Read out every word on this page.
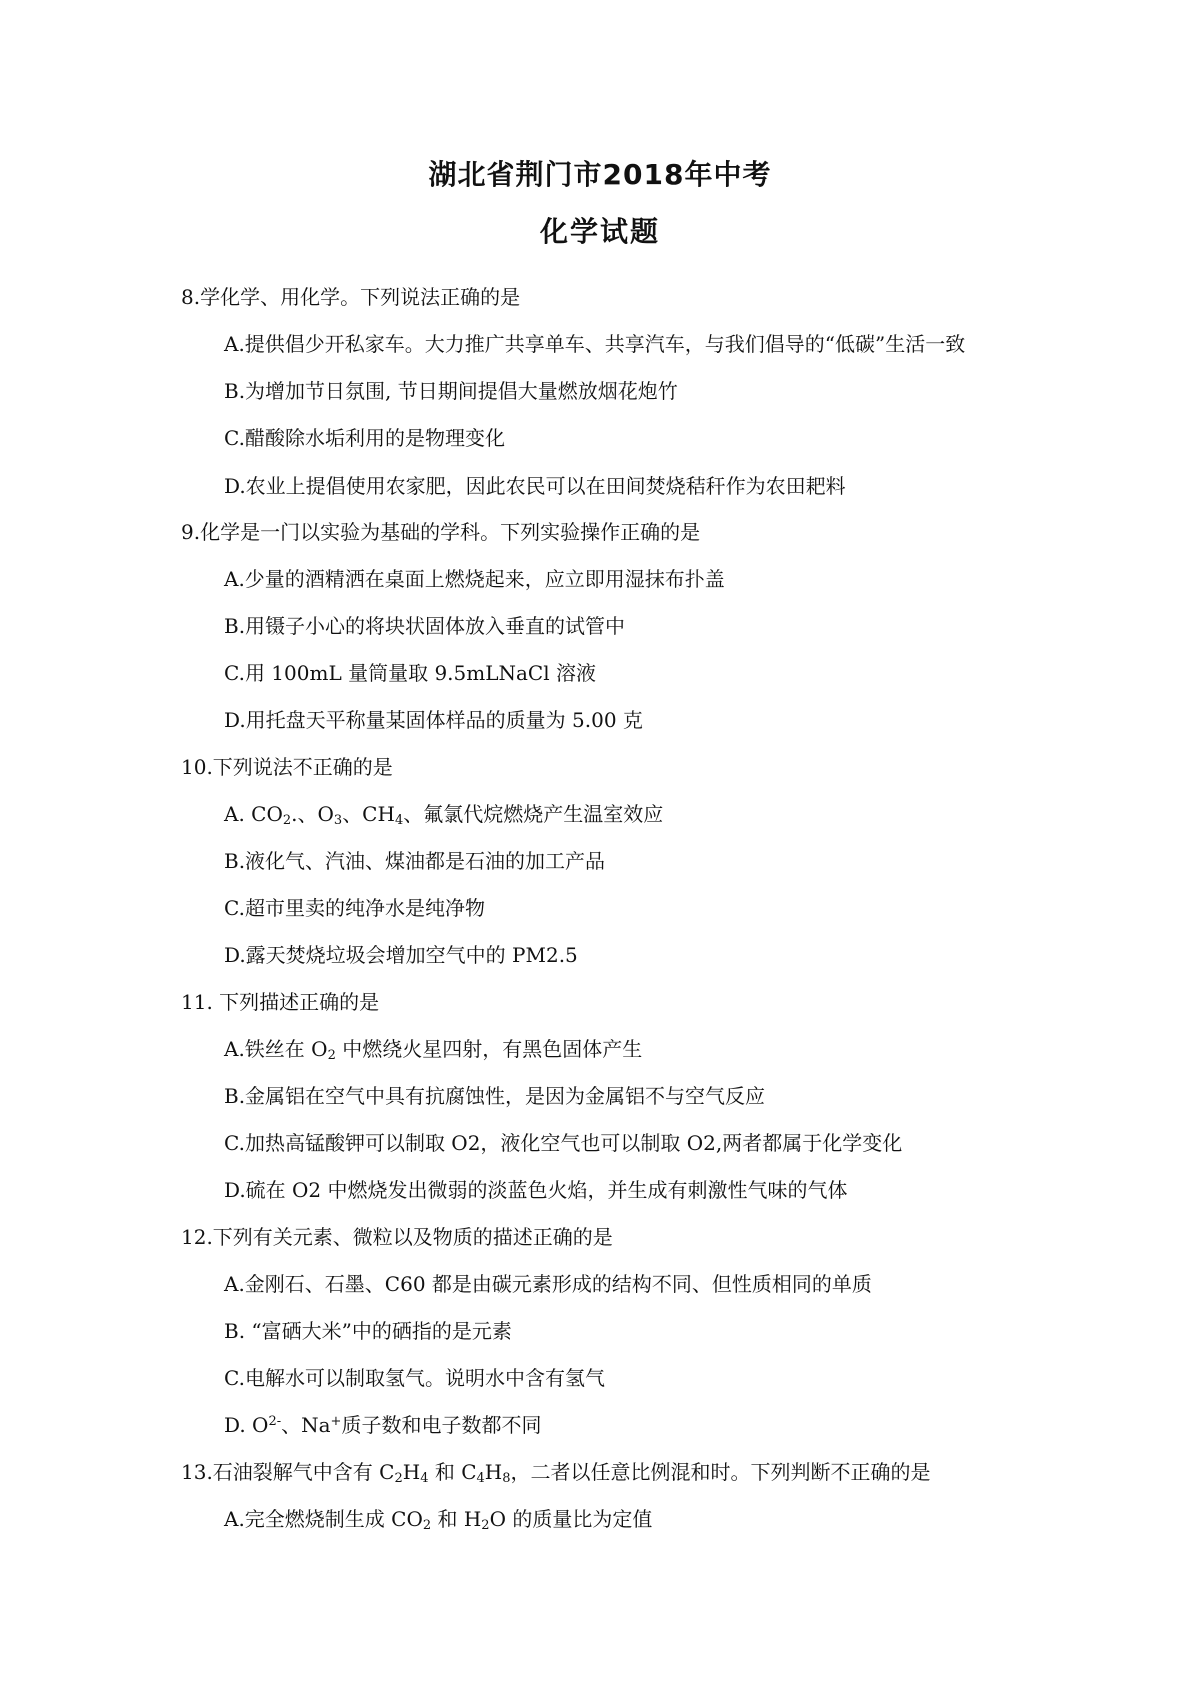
湖北省荆门市2018年中考
化学试题
8.学化学、用化学。下列说法正确的是
A.提供倡少开私家车。大力推广共享单车、共享汽车，与我们倡导的“低碳”生活一致
B.为增加节日氛围, 节日期间提倡大量燃放烟花炮竹
C.醋酸除水垢利用的是物理变化
D.农业上提倡使用农家肥，因此农民可以在田间焚烧秸秆作为农田耙料
9.化学是一门以实验为基础的学科。下列实验操作正确的是
A.少量的酒精洒在桌面上燃烧起来，应立即用湿抹布扑盖
B.用镊子小心的将块状固体放入垂直的试管中
C.用 100mL 量筒量取 9.5mLNaCl 溶液
D.用托盘天平称量某固体样品的质量为 5.00 克
10.下列说法不正确的是
A. $CO_2$.、$O_3$、$CH_4$、氟氯代烷燃烧产生温室效应
B.液化气、汽油、煤油都是石油的加工产品
C.超市里卖的纯净水是纯净物
D.露天焚烧垃圾会增加空气中的 PM2.5
11. 下列描述正确的是
A.铁丝在 $O_2$ 中燃绕火星四射，有黑色固体产生
B.金属铝在空气中具有抗腐蚀性，是因为金属铝不与空气反应
C.加热高锰酸钾可以制取 O2，液化空气也可以制取 O2,两者都属于化学变化
D.硫在 O2 中燃烧发出微弱的淡蓝色火焰，并生成有刺激性气味的气体
12.下列有关元素、微粒以及物质的描述正确的是
A.金刚石、石墨、C60 都是由碳元素形成的结构不同、但性质相同的单质
B. “富硒大米”中的硒指的是元素
C.电解水可以制取氢气。说明水中含有氢气
D. $O^{2-}$、Na+质子数和电子数都不同
13.石油裂解气中含有 $C_2H_4$ 和 $C_4H_8$，二者以任意比例混和时。下列判断不正确的是
A.完全燃烧制生成 $CO_2$ 和 $H_2O$ 的质量比为定值
